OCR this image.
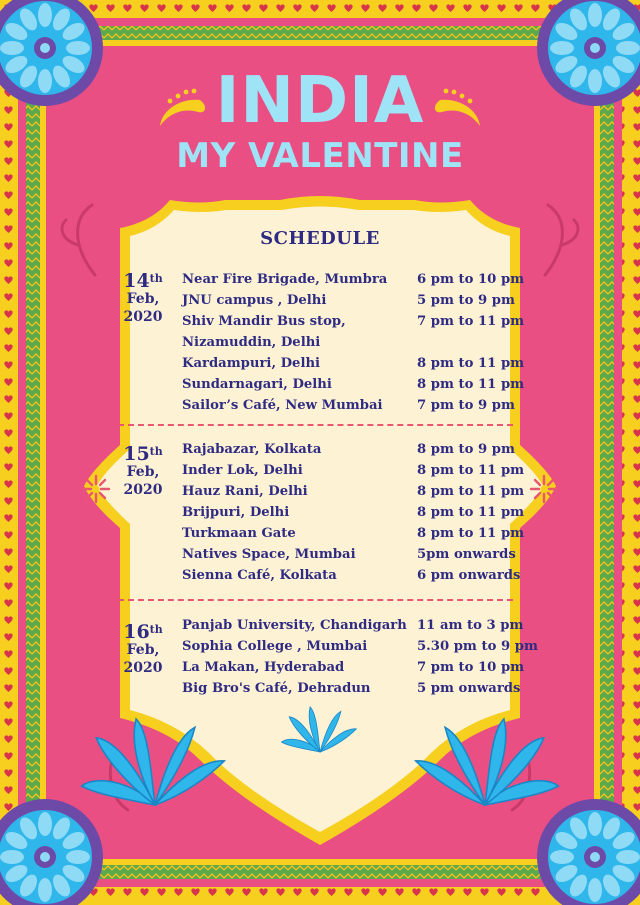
INDIA
MY VALENTINE
SCHEDULE
14th
Feb,
2020
Near Fire Brigade, Mumbra 6 pm to 10 pm
JNU campus , Delhi	5 pm to 9 pm
Shiv Mandir Bus stop,	7 pm to 11 pm
Nizamuddin, Delhi
Kardampuri, Delhi	8 pm to 11 pm
Sundarnagari, Delhi	8 pm to 11 pm
Sailor’s Café, New Mumbai	7 pm to 9 pm
15th
Feb,
2020
Rajabazar, Kolkata	8 pm to 9 pm
Inder Lok, Delhi	8 pm to 11 pm
Hauz Rani, Delhi	8 pm to 11 pm
Brijpuri, Delhi	8 pm to 11 pm
Turkmaan Gate	8 pm to 11 pm
Natives Space, Mumbai	5pm onwards
Sienna Café, Kolkata	6 pm onwards
16th
Feb,
2020
Panjab University, Chandigarh 11 am to 3 pm
Sophia College , Mumbai	5.30 pm to 9 pm
La Makan, Hyderabad	7 pm to 10 pm
Big Bro's Café, Dehradun	5 pm onwards
